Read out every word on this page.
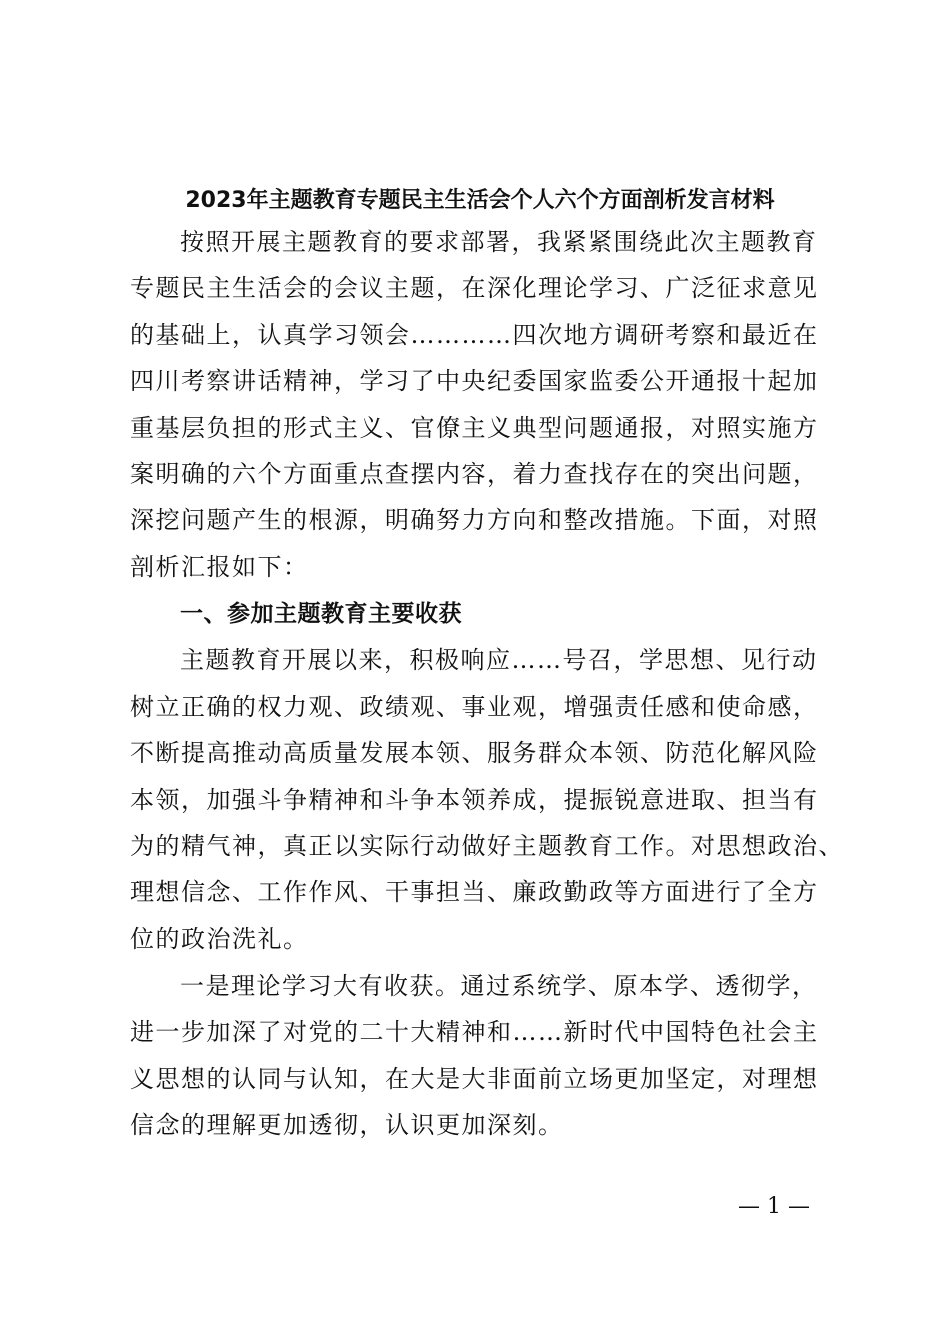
2023年主题教育专题民主生活会个人六个方面剖析发言材料
按照开展主题教育的要求部署，我紧紧围绕此次主题教育
专题民主生活会的会议主题，在深化理论学习、广泛征求意见
的基础上，认真学习领会…………四次地方调研考察和最近在
四川考察讲话精神，学习了中央纪委国家监委公开通报十起加
重基层负担的形式主义、官僚主义典型问题通报，对照实施方
案明确的六个方面重点查摆内容，着力查找存在的突出问题，
深挖问题产生的根源，明确努力方向和整改措施。下面，对照
剖析汇报如下：
一、参加主题教育主要收获
主题教育开展以来，积极响应……号召，学思想、见行动
树立正确的权力观、政绩观、事业观，增强责任感和使命感，
不断提高推动高质量发展本领、服务群众本领、防范化解风险
本领，加强斗争精神和斗争本领养成，提振锐意进取、担当有
为的精气神，真正以实际行动做好主题教育工作。对思想政治、
理想信念、工作作风、干事担当、廉政勤政等方面进行了全方
位的政治洗礼。
一是理论学习大有收获。通过系统学、原本学、透彻学，
进一步加深了对党的二十大精神和……新时代中国特色社会主
义思想的认同与认知，在大是大非面前立场更加坚定，对理想
信念的理解更加透彻，认识更加深刻。
— 1 —
